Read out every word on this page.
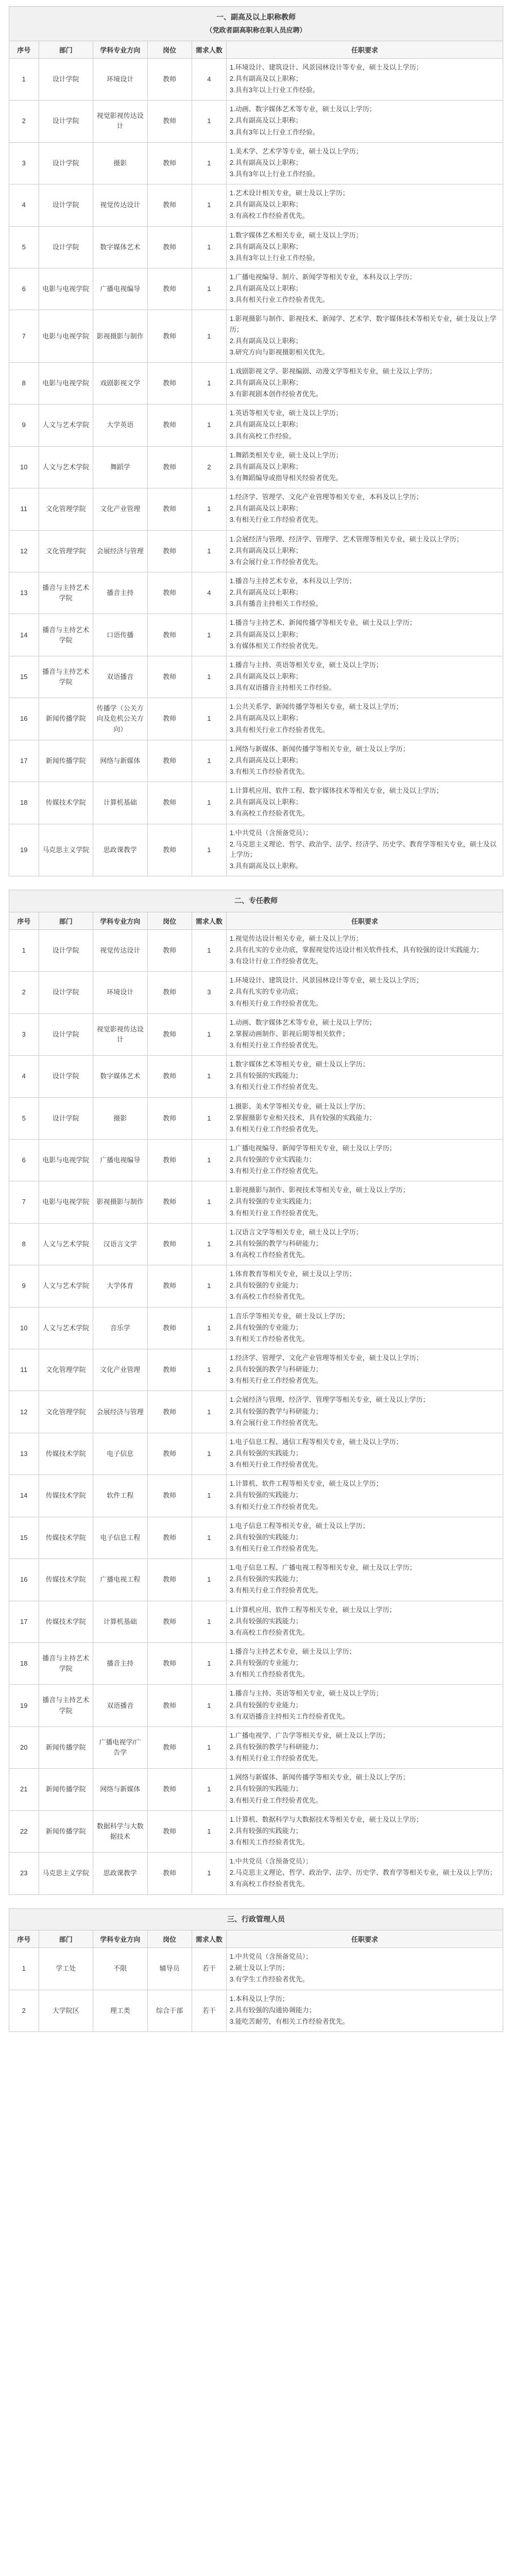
一、副高及以上职称教师
（党政者副高职称在职人员应聘）					

序号	部门	学科专业方向	岗位	需求人数	任职要求
1	设计学院	环境设计	教师	4	1.环境设计、建筑设计、风景园林设计等专业，硕士及以上学历；
2.具有副高及以上职称；
3.具有3年以上行业工作经验。

2	设计学院	视觉影视传达设计	教师	1	1.动画、数字媒体艺术等专业，硕士及以上学历；
2.具有副高及以上职称；
3.具有3年以上行业工作经验。

3	设计学院	摄影	教师	1	1.美术学、艺术学等专业，硕士及以上学历；
2.具有副高及以上职称；
3.具有3年以上行业工作经验。

4	设计学院	视觉传达设计	教师	1	1.艺术设计相关专业，硕士及以上学历；
2.具有副高及以上职称；
3.有高校工作经验者优先。

5	设计学院	数字媒体艺术	教师	1	1.数字媒体艺术相关专业，硕士及以上学历；
2.具有副高及以上职称；
3.具有3年以上行业工作经验。

6	电影与电视学院	广播电视编导	教师	1	1.广播电视编导、制片、新闻学等相关专业，本科及以上学历；
2.具有副高及以上职称；
3.具有相关行业工作经验者优先。

7	电影与电视学院	影视摄影与制作	教师	1	1.影视摄影与制作、影视技术、新闻学、艺术学、数字媒体技术等相关专业，硕士及以上学历；
2.具有副高及以上职称；
3.研究方向与影视摄影相关优先。

8	电影与电视学院	戏剧影视文学	教师	1	1.戏剧影视文学、影视编剧、动漫文学等相关专业，硕士及以上学历；
2.具有副高及以上职称；
3.有影视剧本创作经验者优先。

9	人文与艺术学院	大学英语	教师	1	1.英语等相关专业，硕士及以上学历；
2.具有副高及以上职称；
3.具有高校工作经验。

10	人文与艺术学院	舞蹈学	教师	2	1.舞蹈类相关专业，硕士及以上学历；
2.具有副高及以上职称；
3.有舞蹈编导或指导相关经验者优先。

11	文化管理学院	文化产业管理	教师	1	1.经济学、管理学、文化产业管理等相关专业，本科及以上学历；
2.具有副高及以上职称；
3.有相关行业工作经验者优先。

12	文化管理学院	会展经济与管理	教师	1	1.会展经济与管理、经济学、管理学、艺术管理等相关专业，硕士及以上学历；
2.具有副高及以上职称；
3.有会展行业工作经验者优先。

13	播音与主持艺术学院	播音主持	教师	4	1.播音与主持艺术专业，本科及以上学历；
2.具有副高及以上职称；
3.具有播音主持相关工作经验。

14	播音与主持艺术学院	口语传播	教师	1	1.播音与主持艺术、新闻传播学等相关专业，硕士及以上学历；
2.具有副高及以上职称；
3.有媒体相关工作经验者优先。

15	播音与主持艺术学院	双语播音	教师	1	1.播音与主持、英语等相关专业，硕士及以上学历；
2.具有副高及以上职称；
3.具有双语播音主持相关工作经验。

16	新闻传播学院	传播学（公关方向及危机公关方向）	教师	1	1.公共关系学、新闻传播学等相关专业，硕士及以上学历；
2.具有副高及以上职称；
3.具有相关行业工作经验者优先。

17	新闻传播学院	网络与新媒体	教师	1	1.网络与新媒体、新闻传播学等相关专业，硕士及以上学历；
2.具有副高及以上职称；
3.有相关工作经验者优先。

18	传媒技术学院	计算机基础	教师	1	1.计算机应用、软件工程、数字媒体技术等相关专业，硕士及以上学历；
2.具有副高及以上职称；
3.有高校工作经验者优先。

19	马克思主义学院	思政课教学	教师	1	1.中共党员（含预备党员）；
2.马克思主义理论、哲学、政治学、法学、经济学、历史学、教育学等相关专业，硕士及以上学历；
3.具有副高及以上职称。
二、专任教师					
序号	部门	学科专业方向	岗位	需求人数	任职要求
1	设计学院	视觉传达设计	教师	1	1.视觉传达设计相关专业，硕士及以上学历；
2.具有扎实的专业功底，掌握视觉传达设计相关软件技术，具有较强的设计实践能力；
3.有设计行业工作经验者优先。

2	设计学院	环境设计	教师	3	1.环境设计、建筑设计、风景园林设计等专业，硕士及以上学历；
2.具有扎实的专业功底；
3.有相关行业工作经验者优先。

3	设计学院	视觉影视传达设计	教师	1	1.动画、数字媒体艺术等专业，硕士及以上学历；
2.掌握动画制作、影视后期等相关软件；
3.有相关行业工作经验者优先。

4	设计学院	数字媒体艺术	教师	1	1.数字媒体艺术等相关专业，硕士及以上学历；
2.具有较强的实践能力；
3.有相关行业工作经验者优先。

5	设计学院	摄影	教师	1	1.摄影、美术学等相关专业，硕士及以上学历；
2.掌握摄影专业相关技术，具有较强的实践能力；
3.有相关行业工作经验者优先。

6	电影与电视学院	广播电视编导	教师	1	1.广播电视编导、新闻学等相关专业，硕士及以上学历；
2.具有较强的专业实践能力；
3.有相关行业工作经验者优先。

7	电影与电视学院	影视摄影与制作	教师	1	1.影视摄影与制作、影视技术等相关专业，硕士及以上学历；
2.具有较强的专业实践能力；
3.有相关行业工作经验者优先。

8	人文与艺术学院	汉语言文学	教师	1	1.汉语言文学等相关专业，硕士及以上学历；
2.具有较强的教学与科研能力；
3.有高校工作经验者优先。

9	人文与艺术学院	大学体育	教师	1	1.体育教育等相关专业，硕士及以上学历；
2.具有较强的专业能力；
3.有高校工作经验者优先。

10	人文与艺术学院	音乐学	教师	1	1.音乐学等相关专业，硕士及以上学历；
2.具有较强的专业能力；
3.有相关工作经验者优先。

11	文化管理学院	文化产业管理	教师	1	1.经济学、管理学、文化产业管理等相关专业，硕士及以上学历；
2.具有较强的教学与科研能力；
3.有相关行业工作经验者优先。

12	文化管理学院	会展经济与管理	教师	1	1.会展经济与管理、经济学、管理学等相关专业，硕士及以上学历；
2.具有较强的教学与科研能力；
3.有会展行业工作经验者优先。

13	传媒技术学院	电子信息	教师	1	1.电子信息工程、通信工程等相关专业，硕士及以上学历；
2.具有较强的实践能力；
3.有相关行业工作经验者优先。

14	传媒技术学院	软件工程	教师	1	1.计算机、软件工程等相关专业，硕士及以上学历；
2.具有较强的实践能力；
3.有相关行业工作经验者优先。

15	传媒技术学院	电子信息工程	教师	1	1.电子信息工程等相关专业，硕士及以上学历；
2.具有较强的实践能力；
3.有相关行业工作经验者优先。

16	传媒技术学院	广播电视工程	教师	1	1.电子信息工程、广播电视工程等相关专业，硕士及以上学历；
2.具有较强的实践能力；
3.有相关行业工作经验者优先。

17	传媒技术学院	计算机基础	教师	1	1.计算机应用、软件工程等相关专业，硕士及以上学历；
2.具有较强的实践能力；
3.有高校工作经验者优先。

18	播音与主持艺术学院	播音主持	教师	1	1.播音与主持艺术专业，硕士及以上学历；
2.具有较强的专业能力；
3.有相关工作经验者优先。

19	播音与主持艺术学院	双语播音	教师	1	1.播音与主持、英语等相关专业，硕士及以上学历；
2.具有较强的专业能力；
3.有双语播音主持相关工作经验者优先。

20	新闻传播学院	广播电视学/广告学	教师	1	1.广播电视学、广告学等相关专业，硕士及以上学历；
2.具有较强的教学与科研能力；
3.有相关行业工作经验者优先。

21	新闻传播学院	网络与新媒体	教师	1	1.网络与新媒体、新闻传播学等相关专业，硕士及以上学历；
2.具有较强的实践能力；
3.有相关行业工作经验者优先。

22	新闻传播学院	数据科学与大数据技术	教师	1	1.计算机、数据科学与大数据技术等相关专业，硕士及以上学历；
2.具有较强的实践能力；
3.有相关工作经验者优先。

23	马克思主义学院	思政课教学	教师	1	1.中共党员（含预备党员）；
2.马克思主义理论、哲学、政治学、法学、历史学、教育学等相关专业，硕士及以上学历；
3.有高校工作经验者优先。
三、行政管理人员					
序号	部门	学科专业方向	岗位	需求人数	任职要求
1	学工处	不限	辅导员	若干	1.中共党员（含预备党员）；
2.硕士及以上学历；
3.有学生工作经验者优先。

2	大学院区	理工类	综合干部	若干	1.本科及以上学历；
2.具有较强的沟通协调能力；
3.能吃苦耐劳，有相关工作经验者优先。
